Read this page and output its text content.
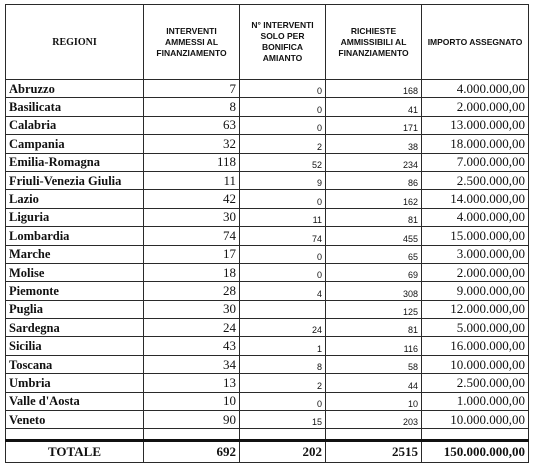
REGIONI	INTERVENTI AMMESSI AL FINANZIAMENTO	N° INTERVENTI SOLO PER BONIFICA AMIANTO	RICHIESTE AMMISSIBILI AL FINANZIAMENTO	IMPORTO ASSEGNATO
Abruzzo	7	0	168	4.000.000,00
Basilicata	8	0	41	2.000.000,00
Calabria	63	0	171	13.000.000,00
Campania	32	2	38	18.000.000,00
Emilia-Romagna	118	52	234	7.000.000,00
Friuli-Venezia Giulia	11	9	86	2.500.000,00
Lazio	42	0	162	14.000.000,00
Liguria	30	11	81	4.000.000,00
Lombardia	74	74	455	15.000.000,00
Marche	17	0	65	3.000.000,00
Molise	18	0	69	2.000.000,00
Piemonte	28	4	308	9.000.000,00
Puglia	30		125	12.000.000,00
Sardegna	24	24	81	5.000.000,00
Sicilia	43	1	116	16.000.000,00
Toscana	34	8	58	10.000.000,00
Umbria	13	2	44	2.500.000,00
Valle d'Aosta	10	0	10	1.000.000,00
Veneto	90	15	203	10.000.000,00

TOTALE	692	202	2515	150.000.000,00
